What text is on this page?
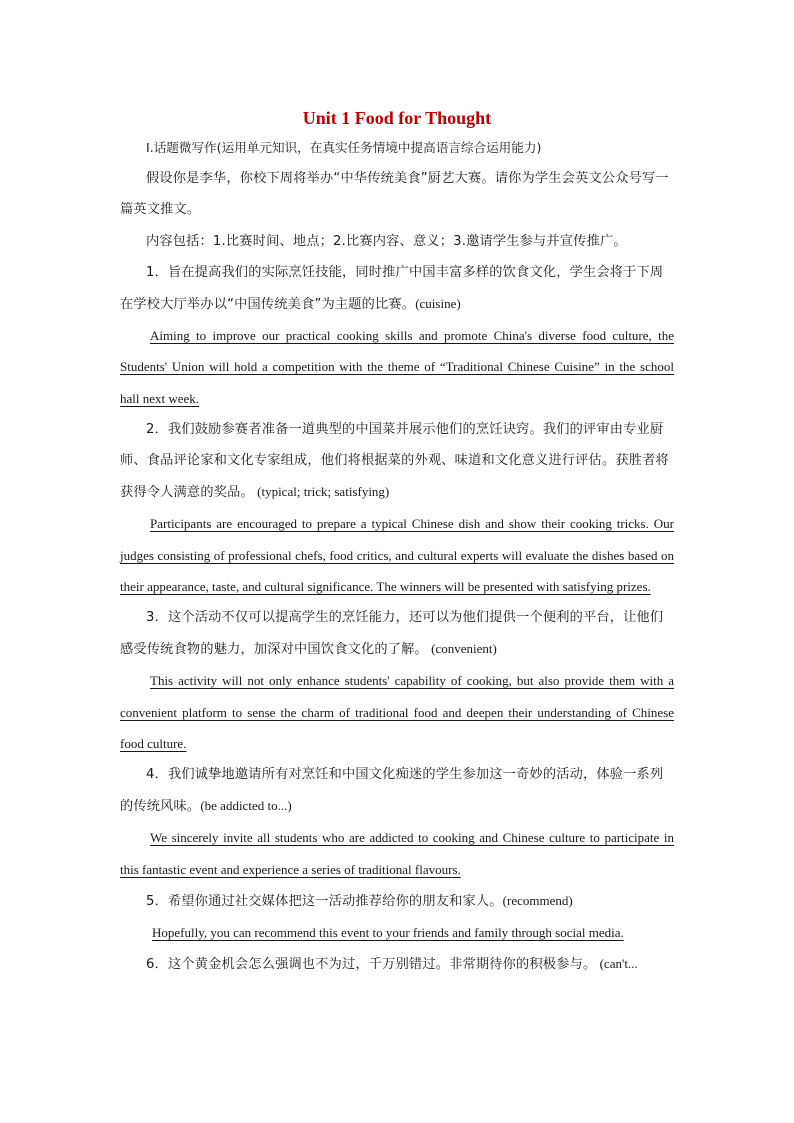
Unit 1 Food for Thought

Ⅰ.话题微写作(运用单元知识，在真实任务情境中提高语言综合运用能力)

假设你是李华，你校下周将举办“中华传统美食”厨艺大赛。请你为学生会英文公众号写一篇英文推文。

内容包括：1.比赛时间、地点；2.比赛内容、意义；3.邀请学生参与并宣传推广。

1．旨在提高我们的实际烹饪技能，同时推广中国丰富多样的饮食文化，学生会将于下周在学校大厅举办以“中国传统美食”为主题的比赛。(cuisine)

Aiming to improve our practical cooking skills and promote China's diverse food culture, the Students' Union will hold a competition with the theme of “Traditional Chinese Cuisine” in the school hall next week.

2．我们鼓励参赛者准备一道典型的中国菜并展示他们的烹饪诀窍。我们的评审由专业厨师、食品评论家和文化专家组成，他们将根据菜的外观、味道和文化意义进行评估。获胜者将获得令人满意的奖品。 (typical; trick; satisfying)

Participants are encouraged to prepare a typical Chinese dish and show their cooking tricks. Our judges consisting of professional chefs, food critics, and cultural experts will evaluate the dishes based on their appearance, taste, and cultural significance. The winners will be presented with satisfying prizes.

3．这个活动不仅可以提高学生的烹饪能力，还可以为他们提供一个便利的平台，让他们感受传统食物的魅力，加深对中国饮食文化的了解。 (convenient)

This activity will not only enhance students' capability of cooking, but also provide them with a convenient platform to sense the charm of traditional food and deepen their understanding of Chinese food culture.

4．我们诚挚地邀请所有对烹饪和中国文化痴迷的学生参加这一奇妙的活动，体验一系列的传统风味。(be addicted to...)

We sincerely invite all students who are addicted to cooking and Chinese culture to participate in this fantastic event and experience a series of traditional flavours.

5．希望你通过社交媒体把这一活动推荐给你的朋友和家人。(recommend)

Hopefully, you can recommend this event to your friends and family through social media.

6．这个黄金机会怎么强调也不为过，千万别错过。非常期待你的积极参与。 (can't...
